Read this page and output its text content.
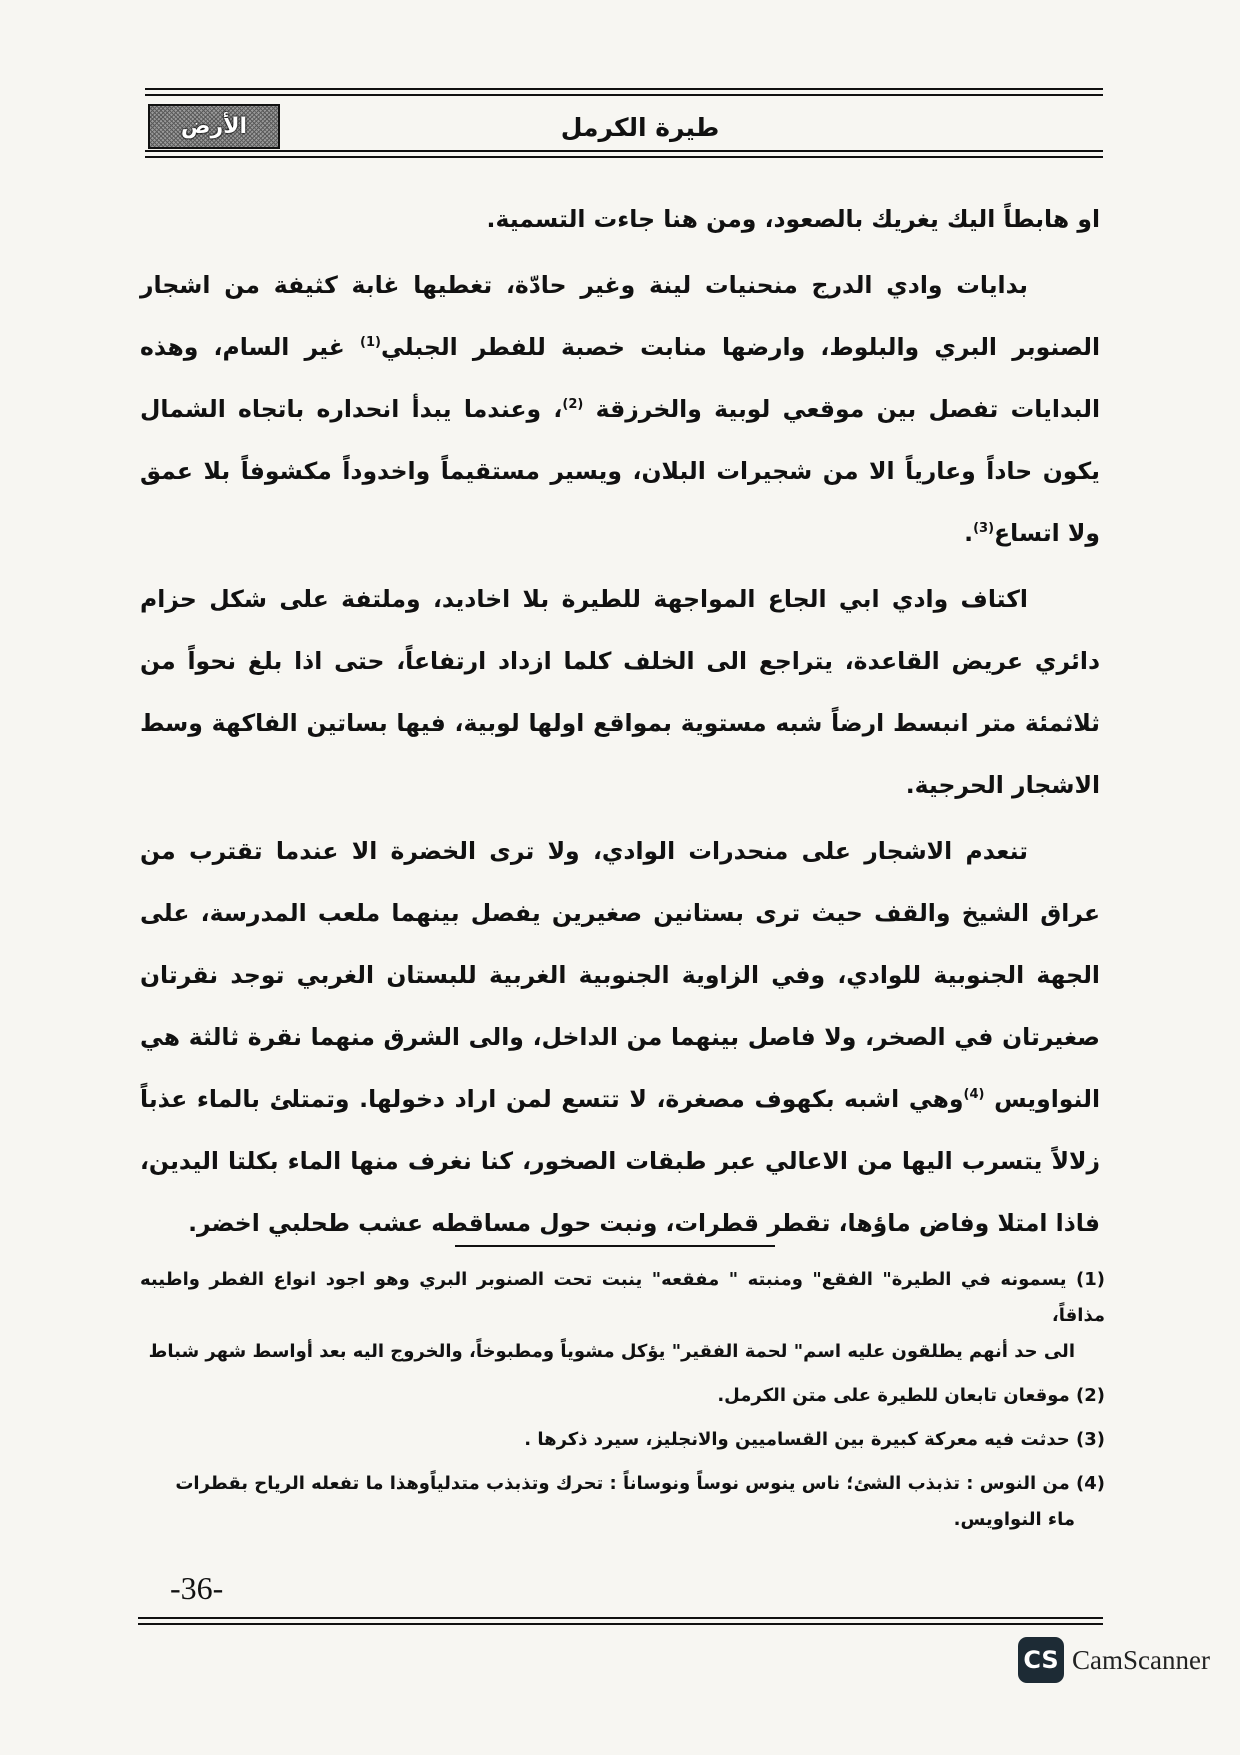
الأرض	طيرة الكرمل

او هابطاً اليك يغريك بالصعود، ومن هنا جاءت التسمية.

بدايات وادي الدرج منحنيات لينة وغير حادّة، تغطيها غابة كثيفة من اشجار الصنوبر البري والبلوط، وارضها منابت خصبة للفطر الجبلي$^{(1)}$ غير السام، وهذه البدايات تفصل بين موقعي لوبية والخرزقة $^{(2)}$، وعندما يبدأ انحداره باتجاه الشمال يكون حاداً وعارياً الا من شجيرات البلان، ويسير مستقيماً واخدوداً مكشوفاً بلا عمق ولا اتساع$^{(3)}$.

اكتاف وادي ابي الجاع المواجهة للطيرة بلا اخاديد، وملتفة على شكل حزام دائري عريض القاعدة، يتراجع الى الخلف كلما ازداد ارتفاعاً، حتى اذا بلغ نحواً من ثلاثمئة متر انبسط ارضاً شبه مستوية بمواقع اولها لوبية، فيها بساتين الفاكهة وسط الاشجار الحرجية.

تنعدم الاشجار على منحدرات الوادي، ولا ترى الخضرة الا عندما تقترب من عراق الشيخ والقف حيث ترى بستانين صغيرين يفصل بينهما ملعب المدرسة، على الجهة الجنوبية للوادي، وفي الزاوية الجنوبية الغربية للبستان الغربي توجد نقرتان صغيرتان في الصخر، ولا فاصل بينهما من الداخل، والى الشرق منهما نقرة ثالثة هي النواويس $^{(4)}$وهي اشبه بكهوف مصغرة، لا تتسع لمن اراد دخولها. وتمتلئ بالماء عذباً زلالاً يتسرب اليها من الاعالي عبر طبقات الصخور، كنا نغرف منها الماء بكلتا اليدين، فاذا امتلا وفاض ماؤها، تقطر قطرات، ونبت حول مساقطه عشب طحلبي اخضر.

(1) يسمونه في الطيرة" الفقع" ومنبته " مفقعه" ينبت تحت الصنوبر البري وهو اجود انواع الفطر واطيبه مذاقاً،
الى حد أنهم يطلقون عليه اسم" لحمة الفقير" يؤكل مشوياً ومطبوخاً، والخروج اليه بعد أواسط شهر شباط
(2) موقعان تابعان للطيرة على متن الكرمل.
(3) حدثت فيه معركة كبيرة بين القساميين والانجليز، سيرد ذكرها .
(4) من النوس : تذبذب الشئ؛ ناس ينوس نوساً ونوساناً : تحرك وتذبذب متدلياًوهذا ما تفعله الرياح بقطرات
ماء النواويس.
-36-
CS CamScanner
